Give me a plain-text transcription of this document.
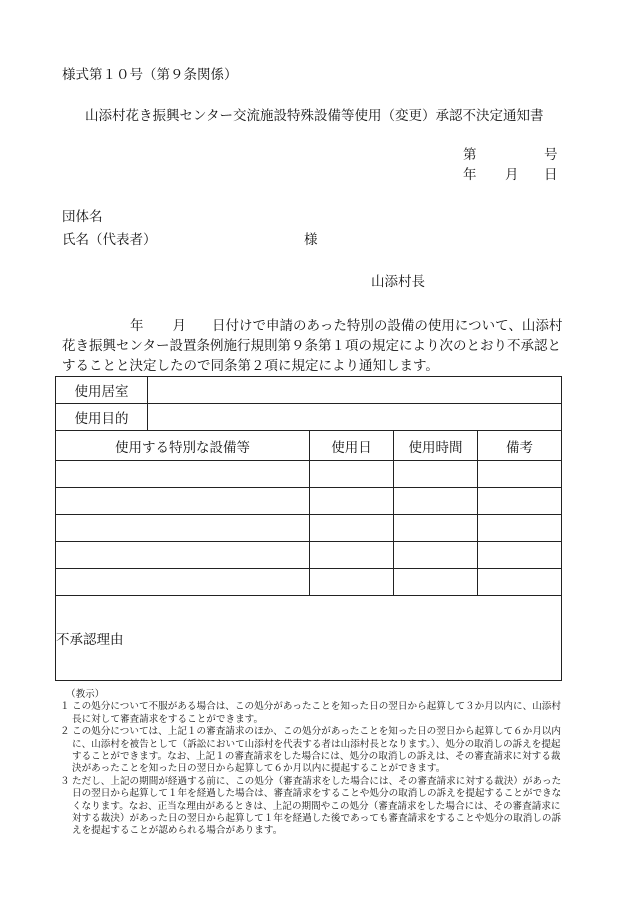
様式第１０号（第９条関係）
山添村花き振興センター交流施設特殊設備等使用（変更）承認不決定通知書
第	号
年 月 日
団体名
氏名（代表者）	様
山添村長
年 月 日付けで申請のあった特別の設備の使用について、山添村
花き振興センター設置条例施行規則第９条第１項の規定により次のとおり不承認と
することと決定したので同条第２項に規定により通知します。
使用居室				
使用目的				
使用する特別な設備等		使用日	使用時間	備考

不承認理由				
（教示）
１ この処分について不服がある場合は、この処分があったことを知った日の翌日から起算して３か月以内に、山添村長に対して審査請求をすることができます。

２ この処分については、上記１の審査請求のほか、この処分があったことを知った日の翌日から起算して６か月以内に、山添村を被告として（訴訟において山添村を代表する者は山添村長となります。）、処分の取消しの訴えを提起することができます。なお、上記１の審査請求をした場合には、処分の取消しの訴えは、その審査請求に対する裁決があったことを知った日の翌日から起算して６か月以内に提起することができます。

３ ただし、上記の期間が経過する前に、この処分（審査請求をした場合には、その審査請求に対する裁決）があった日の翌日から起算して１年を経過した場合は、審査請求をすることや処分の取消しの訴えを提起することができなくなります。なお、正当な理由があるときは、上記の期間やこの処分（審査請求をした場合には、その審査請求に対する裁決）があった日の翌日から起算して１年を経過した後であっても審査請求をすることや処分の取消しの訴えを提起することが認められる場合があります。
